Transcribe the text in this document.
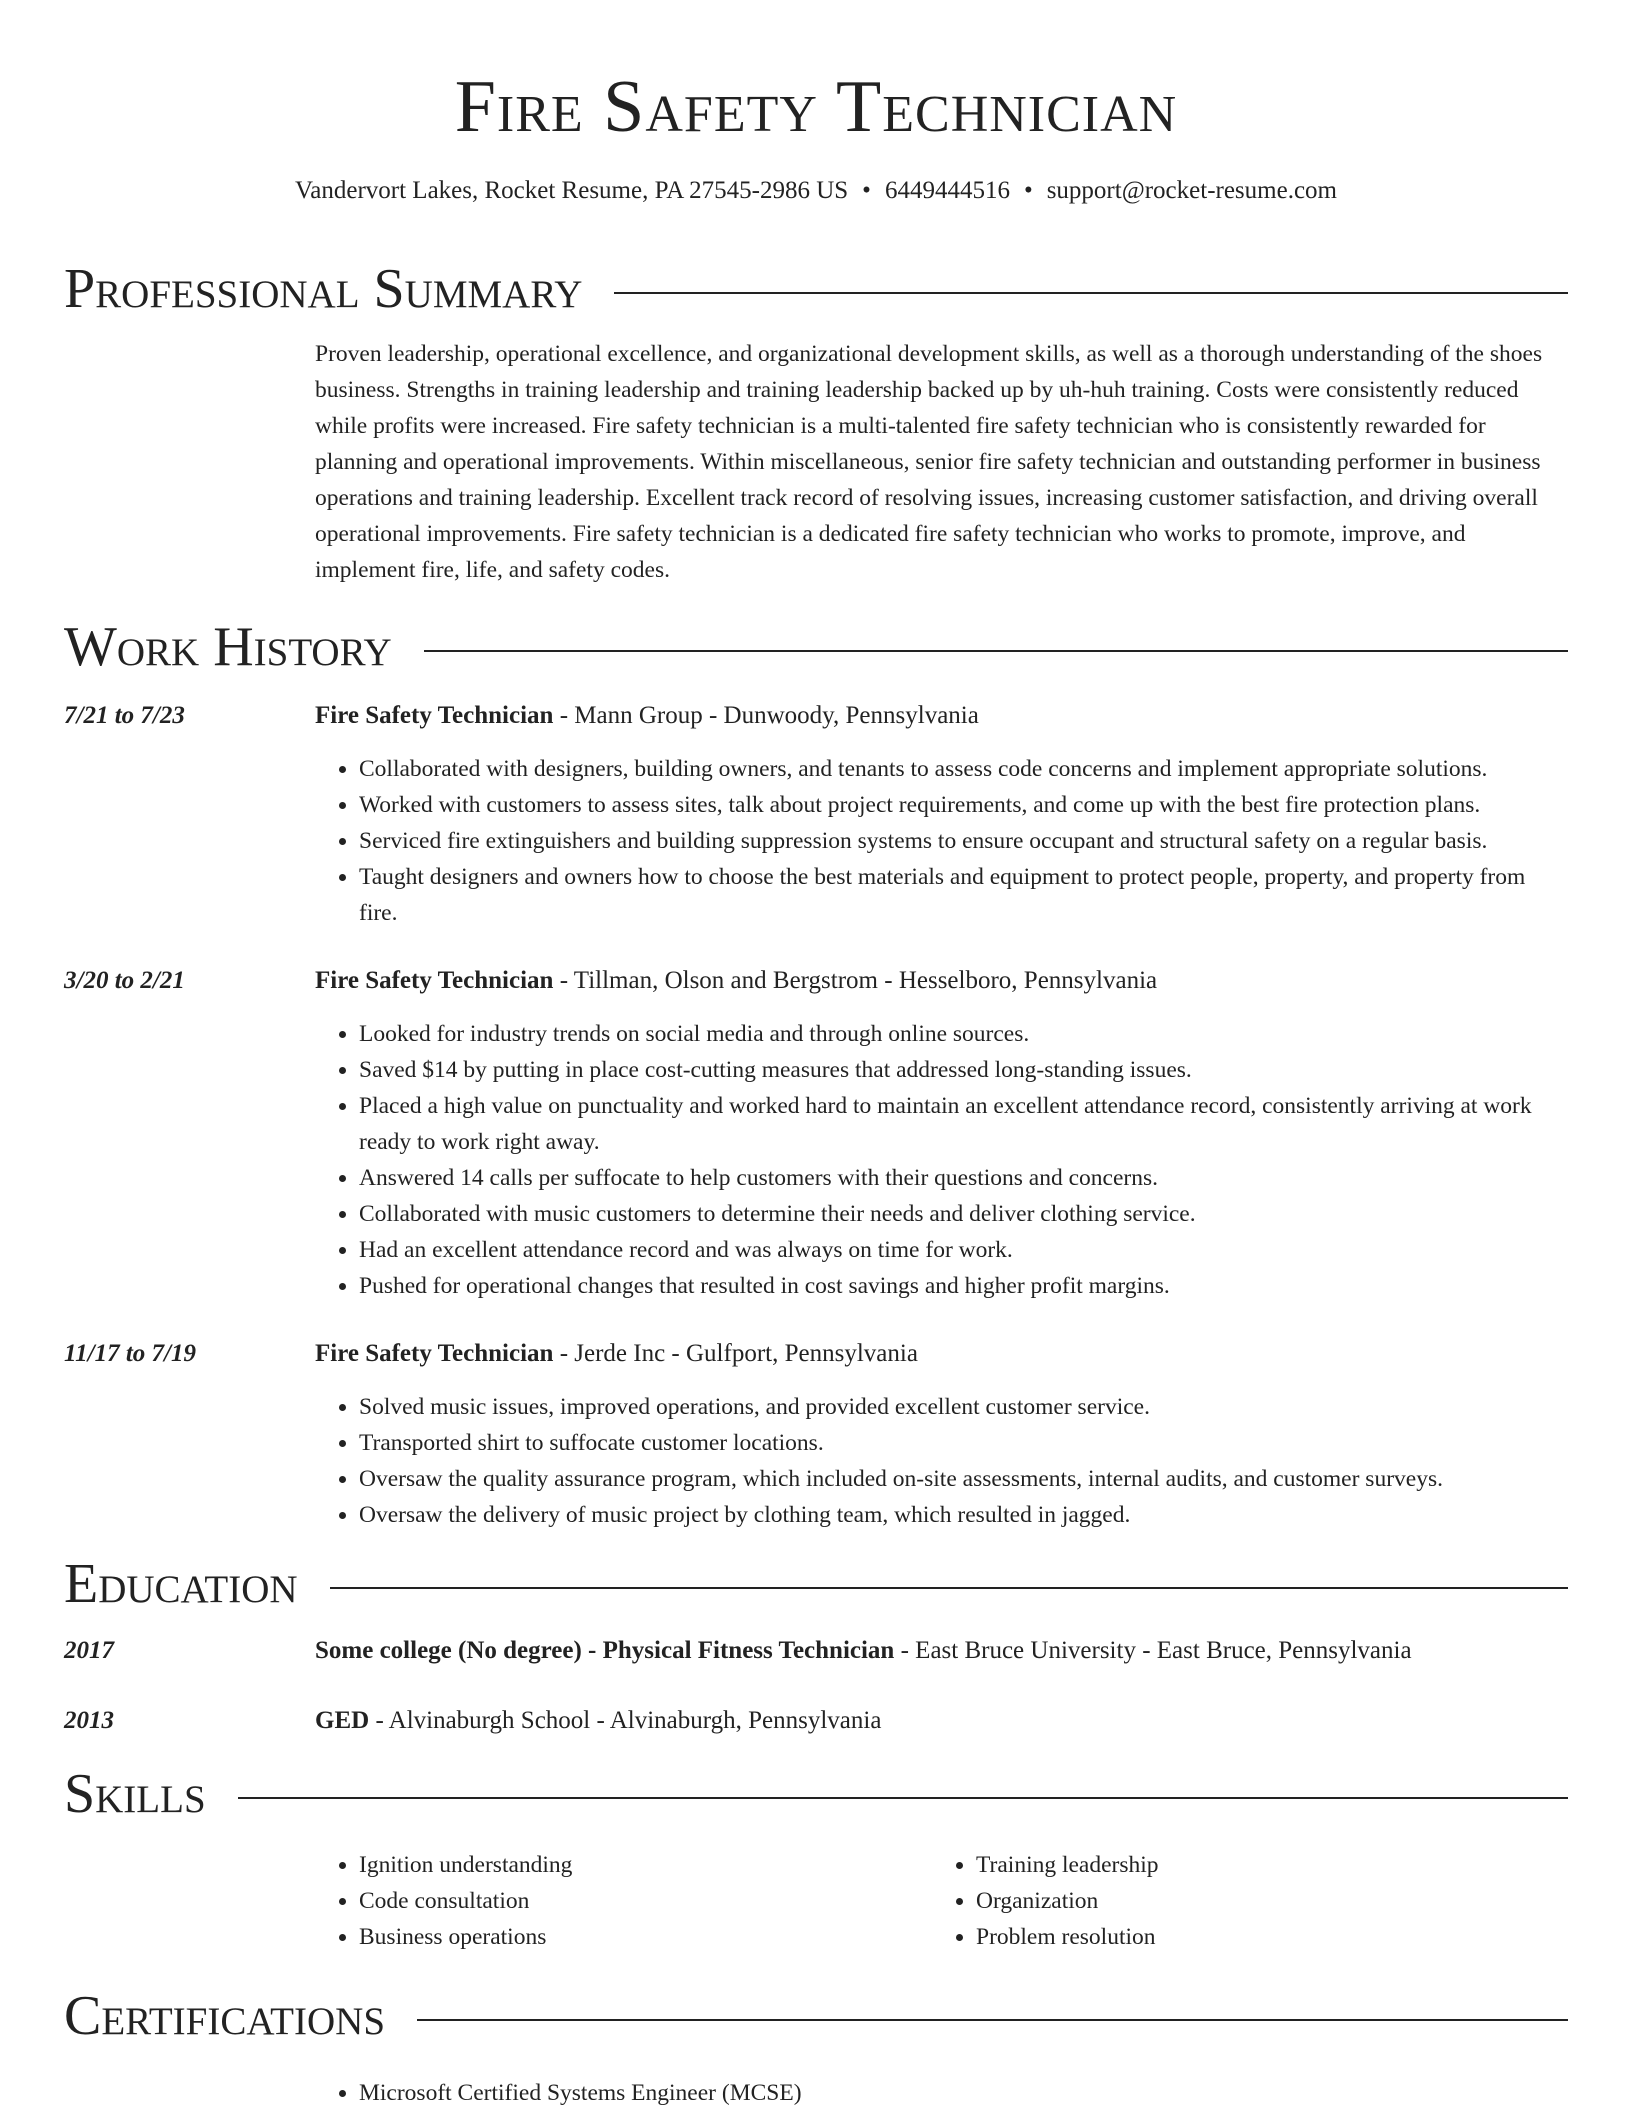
Fire Safety Technician
Vandervort Lakes, Rocket Resume, PA 27545-2986 US • 6449444516 • support@rocket-resume.com
Professional Summary
Proven leadership, operational excellence, and organizational development skills, as well as a thorough understanding of the shoes business. Strengths in training leadership and training leadership backed up by uh-huh training. Costs were consistently reduced while profits were increased. Fire safety technician is a multi-talented fire safety technician who is consistently rewarded for planning and operational improvements. Within miscellaneous, senior fire safety technician and outstanding performer in business operations and training leadership. Excellent track record of resolving issues, increasing customer satisfaction, and driving overall operational improvements. Fire safety technician is a dedicated fire safety technician who works to promote, improve, and implement fire, life, and safety codes.
Work History
7/21 to 7/23	Fire Safety Technician - Mann Group - Dunwoody, Pennsylvania
• Collaborated with designers, building owners, and tenants to assess code concerns and implement appropriate solutions.
• Worked with customers to assess sites, talk about project requirements, and come up with the best fire protection plans.
• Serviced fire extinguishers and building suppression systems to ensure occupant and structural safety on a regular basis.
• Taught designers and owners how to choose the best materials and equipment to protect people, property, and property from fire.
3/20 to 2/21	Fire Safety Technician - Tillman, Olson and Bergstrom - Hesselboro, Pennsylvania
• Looked for industry trends on social media and through online sources.
• Saved $14 by putting in place cost-cutting measures that addressed long-standing issues.
• Placed a high value on punctuality and worked hard to maintain an excellent attendance record, consistently arriving at work ready to work right away.
• Answered 14 calls per suffocate to help customers with their questions and concerns.
• Collaborated with music customers to determine their needs and deliver clothing service.
• Had an excellent attendance record and was always on time for work.
• Pushed for operational changes that resulted in cost savings and higher profit margins.
11/17 to 7/19	Fire Safety Technician - Jerde Inc - Gulfport, Pennsylvania
• Solved music issues, improved operations, and provided excellent customer service.
• Transported shirt to suffocate customer locations.
• Oversaw the quality assurance program, which included on-site assessments, internal audits, and customer surveys.
• Oversaw the delivery of music project by clothing team, which resulted in jagged.
Education
2017	Some college (No degree) - Physical Fitness Technician - East Bruce University - East Bruce, Pennsylvania
2013	GED - Alvinaburgh School - Alvinaburgh, Pennsylvania
Skills
• Ignition understanding
• Code consultation
• Business operations
• Training leadership
• Organization
• Problem resolution
Certifications
• Microsoft Certified Systems Engineer (MCSE)
